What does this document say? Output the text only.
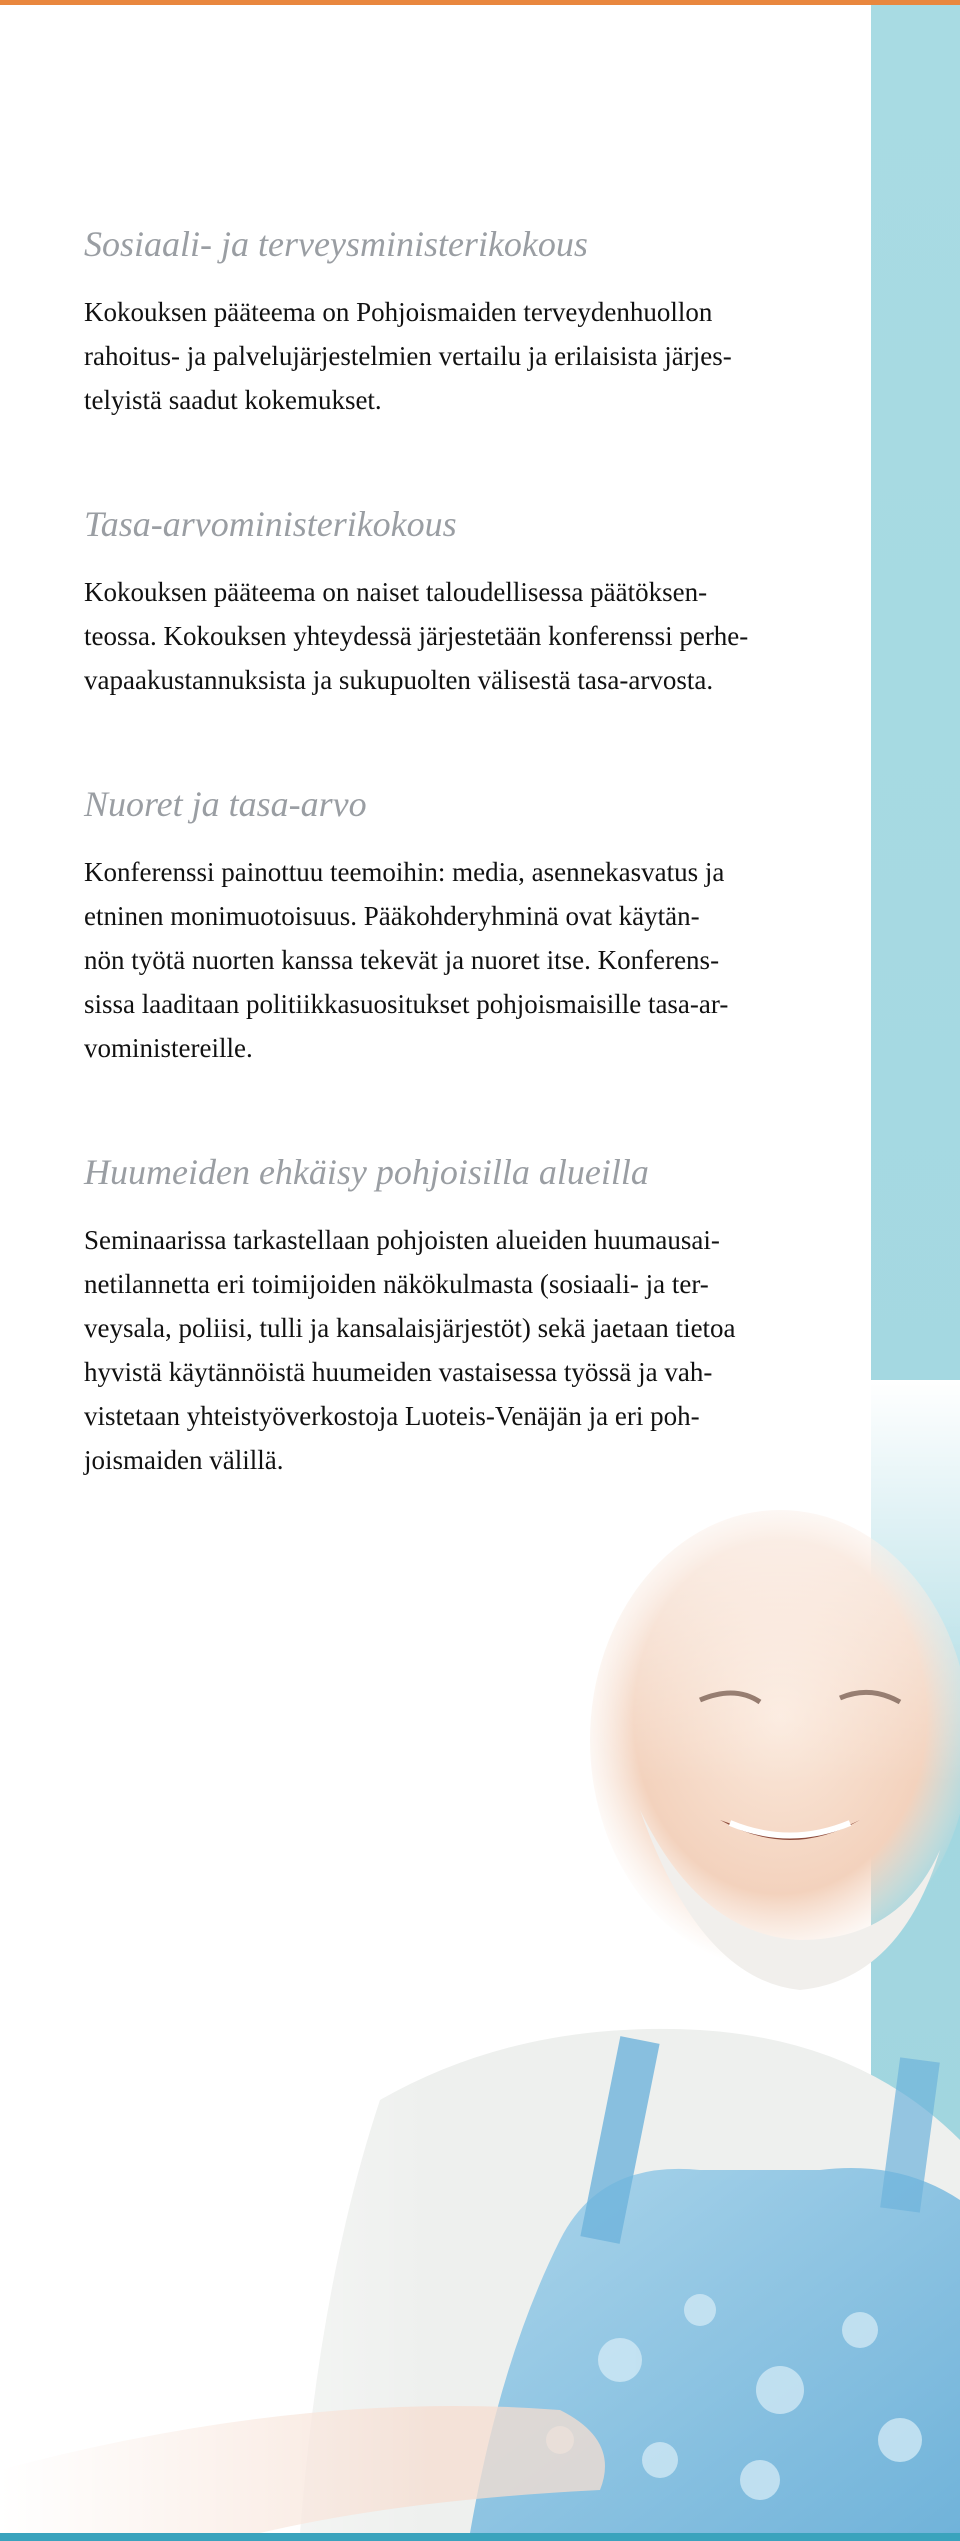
Sosiaali- ja terveysministerikokous

Kokouksen pääteema on Pohjoismaiden terveydenhuollon
rahoitus- ja palvelujärjestelmien vertailu ja erilaisista järjes-
telyistä saadut kokemukset.

Tasa-arvoministerikokous

Kokouksen pääteema on naiset taloudellisessa päätöksen-
teossa. Kokouksen yhteydessä järjestetään konferenssi perhe-
vapaakustannuksista ja sukupuolten välisestä tasa-arvosta.

Nuoret ja tasa-arvo

Konferenssi painottuu teemoihin: media, asennekasvatus ja
etninen monimuotoisuus. Pääkohderyhminä ovat käytän-
nön työtä nuorten kanssa tekevät ja nuoret itse. Konferens-
sissa laaditaan politiikkasuositukset pohjoismaisille tasa-ar-
voministereille.

Huumeiden ehkäisy pohjoisilla alueilla

Seminaarissa tarkastellaan pohjoisten alueiden huumausai-
netilannetta eri toimijoiden näkökulmasta (sosiaali- ja ter-
veysala, poliisi, tulli ja kansalaisjärjestöt) sekä jaetaan tietoa
hyvistä käytännöistä huumeiden vastaisessa työssä ja vah-
vistetaan yhteistyöverkostoja Luoteis-Venäjän ja eri poh-
joismaiden välillä.
